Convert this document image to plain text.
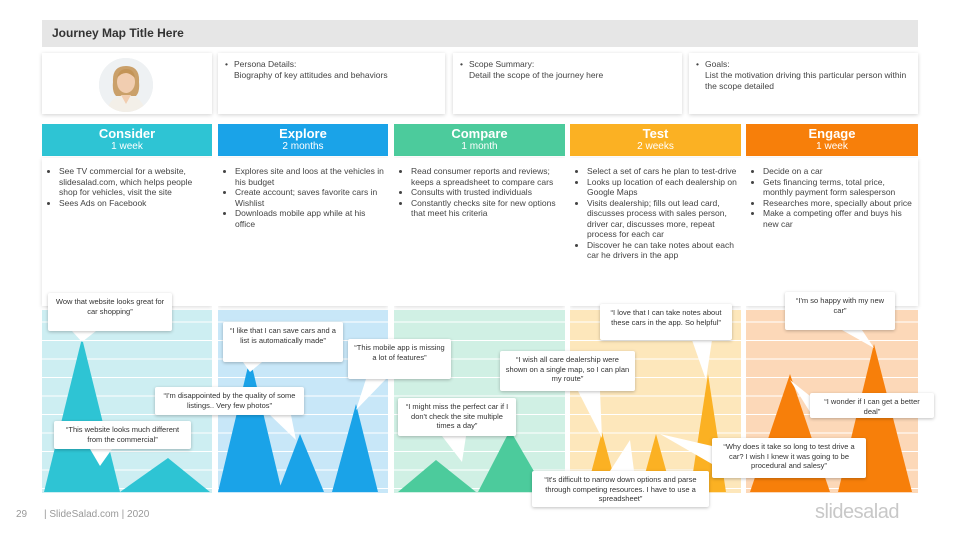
Journey Map Title Here
• Persona Details:
Biography of key attitudes and behaviors
• Scope Summary:
Detail the scope of the journey here
• Goals:
List the motivation driving this particular person within the scope detailed
Consider
1 week
• See TV commercial for a website, slidesalad.com, which helps people shop for vehicles, visit the site
• Sees Ads on Facebook
Explore
2 months
• Explores site and loos at the vehicles in his budget
• Create account; saves favorite cars in Wishlist
• Downloads mobile app while at his office
Compare
1 month
• Read consumer reports and reviews; keeps a spreadsheet to compare cars
• Consults with trusted individuals
• Constantly checks site for new options that meet his criteria
Test
2 weeks
• Select a set of cars he plan to test-drive
• Looks up location of each dealership on Google Maps
• Visits dealership; fills out lead card, discusses process with sales person, driver car, discusses more, repeat process for each car
• Discover he can take notes about each car he drivers in the app
Engage
1 week
• Decide on a car
• Gets financing terms, total price, monthly payment form salesperson
• Researches more, specially about price
• Make a competing offer and buys his new car
Wow that website looks great for car shopping”
“This website looks much different from the commercial”
“I'm disappointed by the quality of some listings.. Very few photos”
“I like that I can save cars and a list is automatically made”
“This mobile app is missing a lot of features”
“I might miss the perfect car if I don't check the site multiple times a day”
“I wish all care dealership were shown on a single map, so I can plan my route”
“It's difficult to narrow down options and parse through competing resources. I have to use a spreadsheet”
“I love that I can take notes about these cars in the app. So helpful”
“Why does it take so long to test drive a car? I wish I knew it was going to be procedural and salesy”
“I'm so happy with my new car”
“I wonder if I can get a better deal”
29 | SlideSalad.com | 2020	slidesalad
